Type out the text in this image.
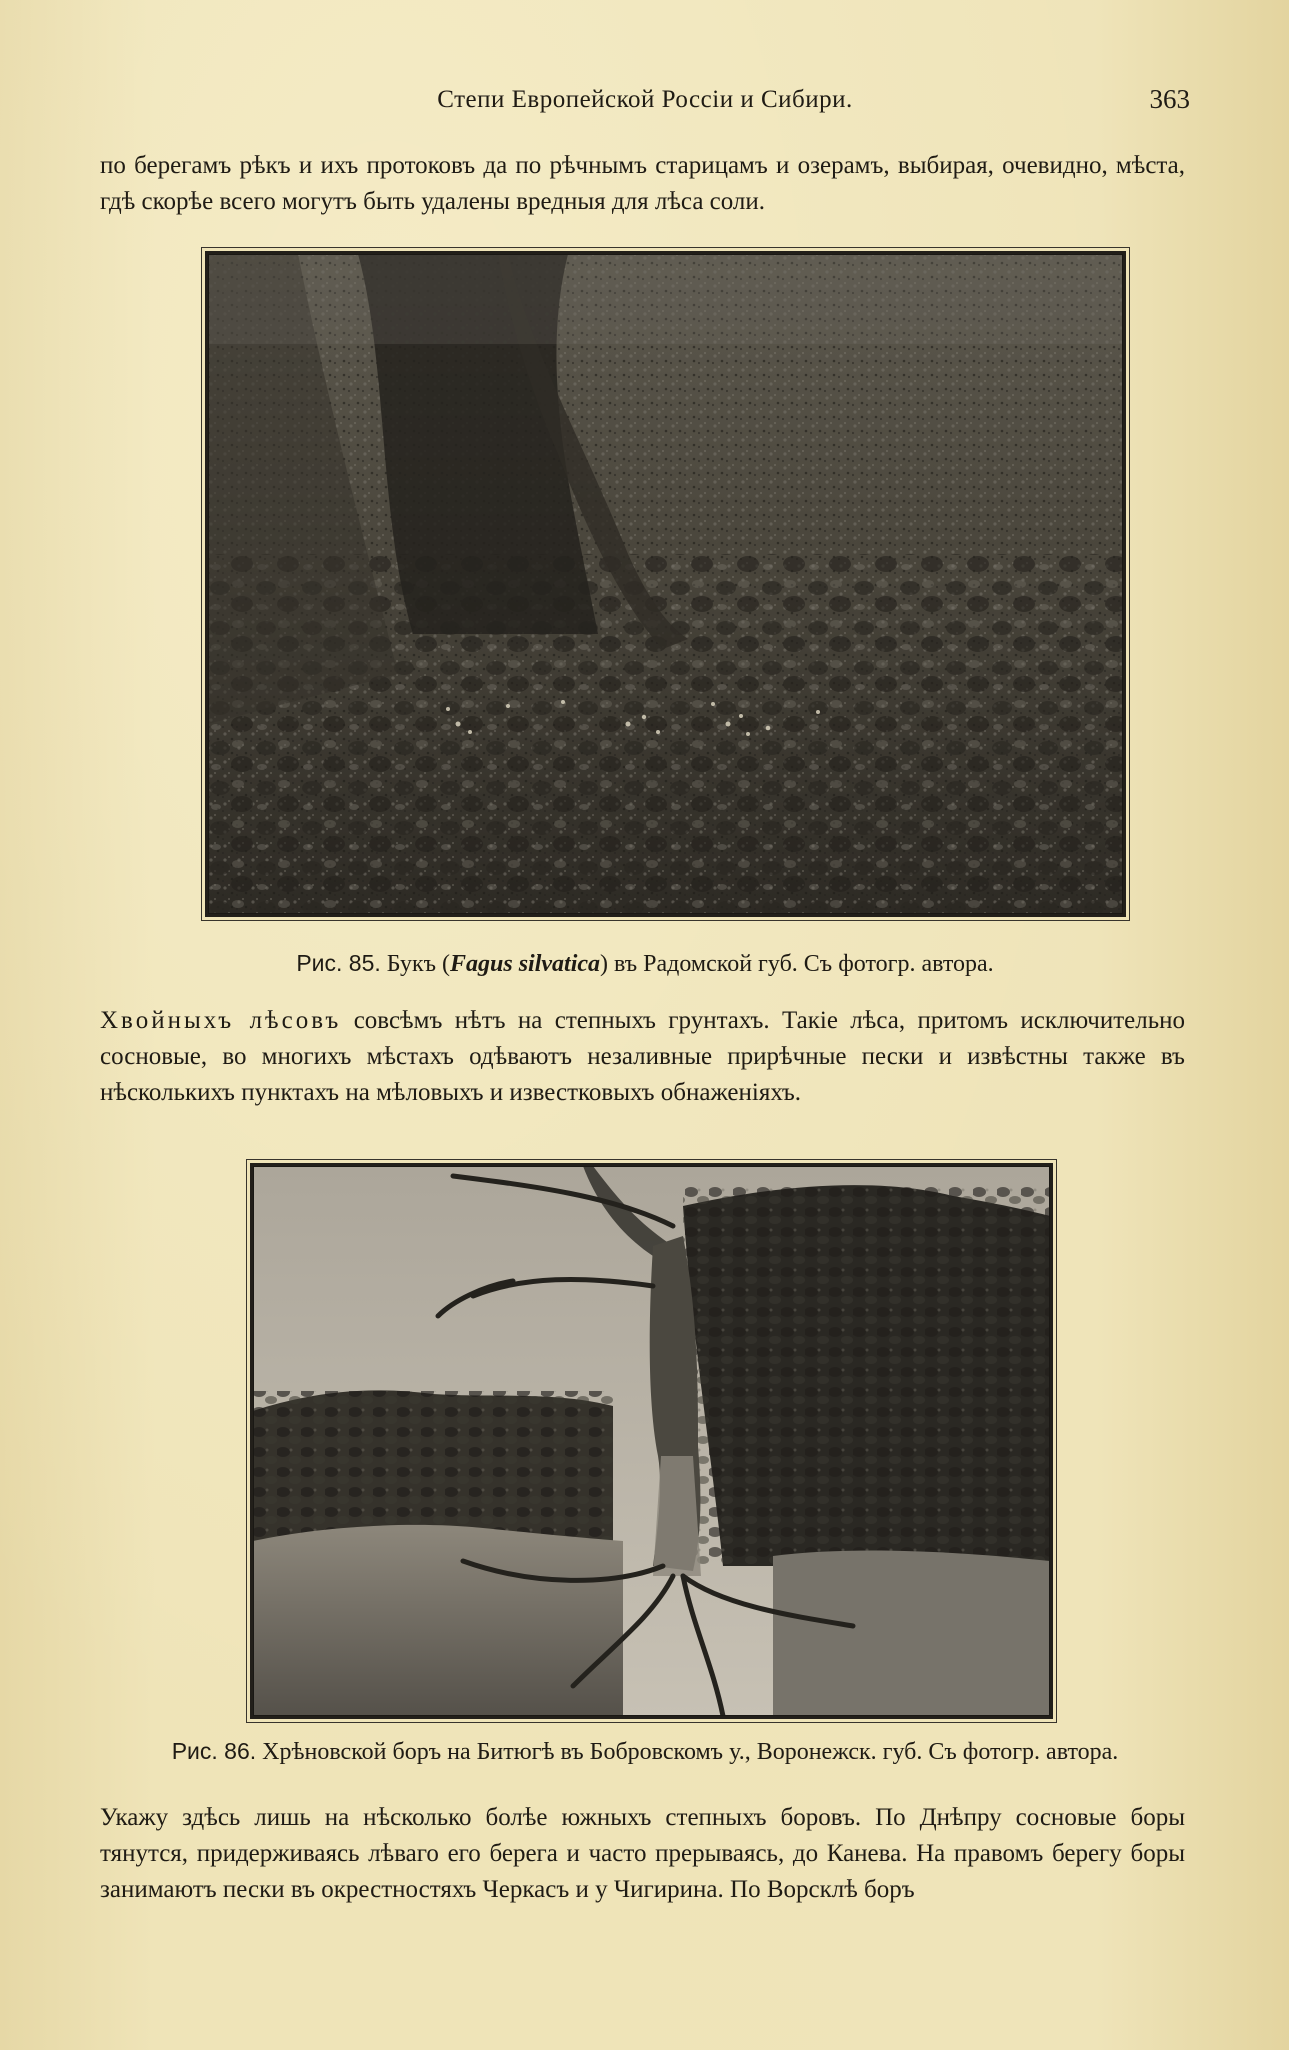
Степи Европейской Россіи и Сибири.	363
по берегамъ рѣкъ и ихъ протоковъ да по рѣчнымъ старицамъ и озерамъ, выбирая, очевидно, мѣста, гдѣ скорѣе всего могутъ быть удалены вредныя для лѣса соли.
Рис. 85. Букъ (Fagus silvatica) въ Радомской губ. Съ фотогр. автора.
Хвойныхъ лѣсовъ совсѣмъ нѣтъ на степныхъ грунтахъ. Такіе лѣса, притомъ исключительно сосновые, во многихъ мѣстахъ одѣваютъ незаливные прирѣчные пески и извѣстны также въ нѣсколькихъ пунктахъ на мѣловыхъ и известковыхъ обнаженіяхъ.
Рис. 86. Хрѣновской боръ на Битюгѣ въ Бобровскомъ у., Воронежск. губ. Съ фотогр. автора.
Укажу здѣсь лишь на нѣсколько болѣе южныхъ степныхъ боровъ. По Днѣпру сосновые боры тянутся, придерживаясь лѣваго его берега и часто прерываясь, до Канева. На правомъ берегу боры занимаютъ пески въ окрестностяхъ Черкасъ и у Чигирина. По Ворсклѣ боръ
